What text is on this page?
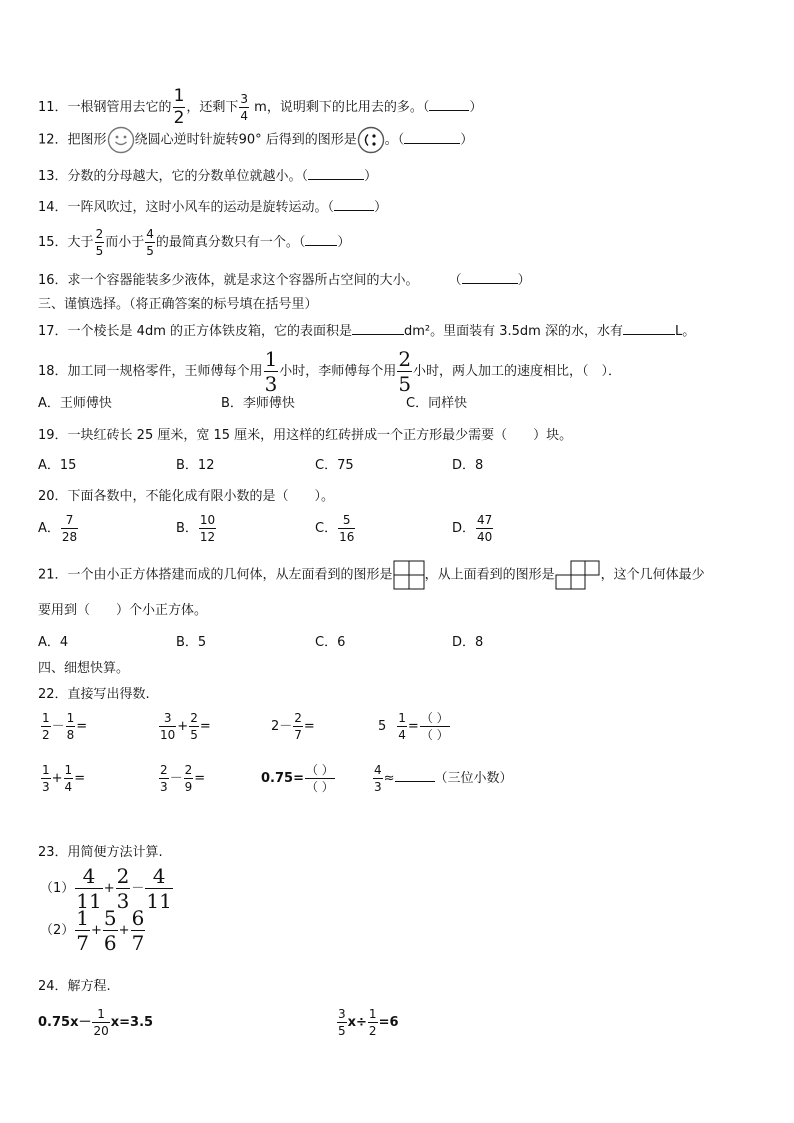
11．一根钢管用去它的 $\frac{1}{2}$ ，还剩下 $\frac{3}{4}$ m，说明剩下的比用去的多。（	）
12．把图形 绕圆心逆时针旋转90° 后得到的图形是 。（	）
13．分数的分母越大，它的分数单位就越小。（	）
14．一阵风吹过，这时小风车的运动是旋转运动。（	）
15．大于 $\frac{2}{5}$ 而小于 $\frac{4}{5}$ 的最简真分数只有一个。（ ）
16．求一个容器能装多少液体，就是求这个容器所占空间的大小。 （	）
三、谨慎选择。（将正确答案的标号填在括号里）
17．一个棱长是 4dm 的正方体铁皮箱，它的表面积是	dm²。里面装有 3.5dm 深的水，水有	L。
18．加工同一规格零件，王师傅每个用 $\frac{1}{3}$ 小时，李师傅每个用 $\frac{2}{5}$ 小时，两人加工的速度相比，（　）．
A．王师傅快	B．李师傅快	C．同样快
19．一块红砖长 25 厘米，宽 15 厘米，用这样的红砖拼成一个正方形最少需要（　　）块。
A．15	B．12	C．75	D．8
20．下面各数中，不能化成有限小数的是（　　）。
A． $\frac{7}{28}$	B． $\frac{10}{12}$	C． $\frac{5}{16}$	D． $\frac{47}{40}$
21．一个由小正方体搭建而成的几何体，从左面看到的图形是 ，从上面看到的图形是	，这个几何体最少
要用到（　　）个小正方体。
A．4	B．5	C．6	D．8
四、细想快算。
22．直接写出得数.
$\frac{1}{2} - \frac{1}{8}$ =	$\frac{3}{10} + \frac{2}{5}$ =	$2- \frac{2}{7}$ =	$5 \frac{1}{4}$ =
（ ）
（ ）
$\frac{1}{3} + \frac{1}{4}$ =	$\frac{2}{3} - \frac{2}{9}$ =	0.75=
（ ）
（ ）	$\frac{4}{3}$ ≈	（三位小数）
23．用简便方法计算.
$(1) \frac{4}{11} + \frac{2}{3} - \frac{4}{11}$
$(2) \frac{1}{7} + \frac{5}{6} + \frac{6}{7}$
24．解方程.
$0.75x- \frac{1}{20} x=3.5$	$\frac{3}{5} x\div \frac{1}{2} =6$
